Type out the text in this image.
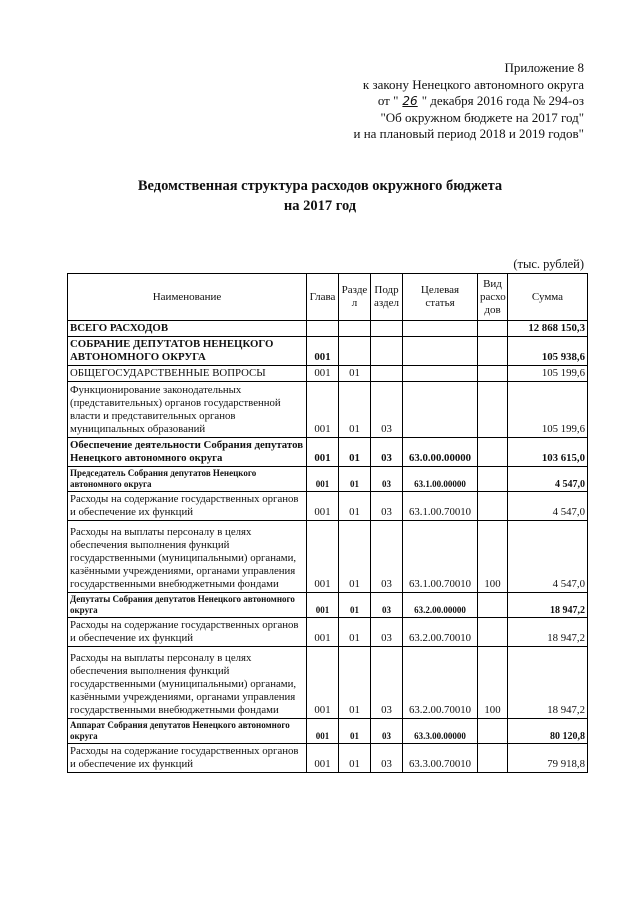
Приложение 8
к закону Ненецкого автономного округа
от " 26 " декабря 2016 года № 294-оз
"Об окружном бюджете на 2017 год"
и на плановый период 2018 и 2019 годов"
Ведомственная структура расходов окружного бюджета
на 2017 год
(тыс. рублей)
Наименование	Глава	Разде л	Подр аздел	Целевая статья	Вид расхо дов	Сумма
ВСЕГО РАСХОДОВ						12 868 150,3
СОБРАНИЕ ДЕПУТАТОВ НЕНЕЦКОГО АВТОНОМНОГО ОКРУГА	001					105 938,6
ОБЩЕГОСУДАРСТВЕННЫЕ ВОПРОСЫ	001	01				105 199,6
Функционирование законодательных (представительных) органов государственной власти и представительных органов муниципальных образований	001	01	03			105 199,6
Обеспечение деятельности Собрания депутатов Ненецкого автономного округа	001	01	03	63.0.00.00000		103 615,0
Председатель Собрания депутатов Ненецкого автономного округа	001	01	03	63.1.00.00000		4 547,0
Расходы на содержание государственных органов и обеспечение их функций	001	01	03	63.1.00.70010		4 547,0
Расходы на выплаты персоналу в целях обеспечения выполнения функций государственными (муниципальными) органами, казёнными учреждениями, органами управления государственными внебюджетными фондами	001	01	03	63.1.00.70010	100	4 547,0
Депутаты Собрания депутатов Ненецкого автономного округа	001	01	03	63.2.00.00000		18 947,2
Расходы на содержание государственных органов и обеспечение их функций	001	01	03	63.2.00.70010		18 947,2
Расходы на выплаты персоналу в целях обеспечения выполнения функций государственными (муниципальными) органами, казёнными учреждениями, органами управления государственными внебюджетными фондами	001	01	03	63.2.00.70010	100	18 947,2
Аппарат Собрания депутатов Ненецкого автономного округа	001	01	03	63.3.00.00000		80 120,8
Расходы на содержание государственных органов и обеспечение их функций	001	01	03	63.3.00.70010		79 918,8
